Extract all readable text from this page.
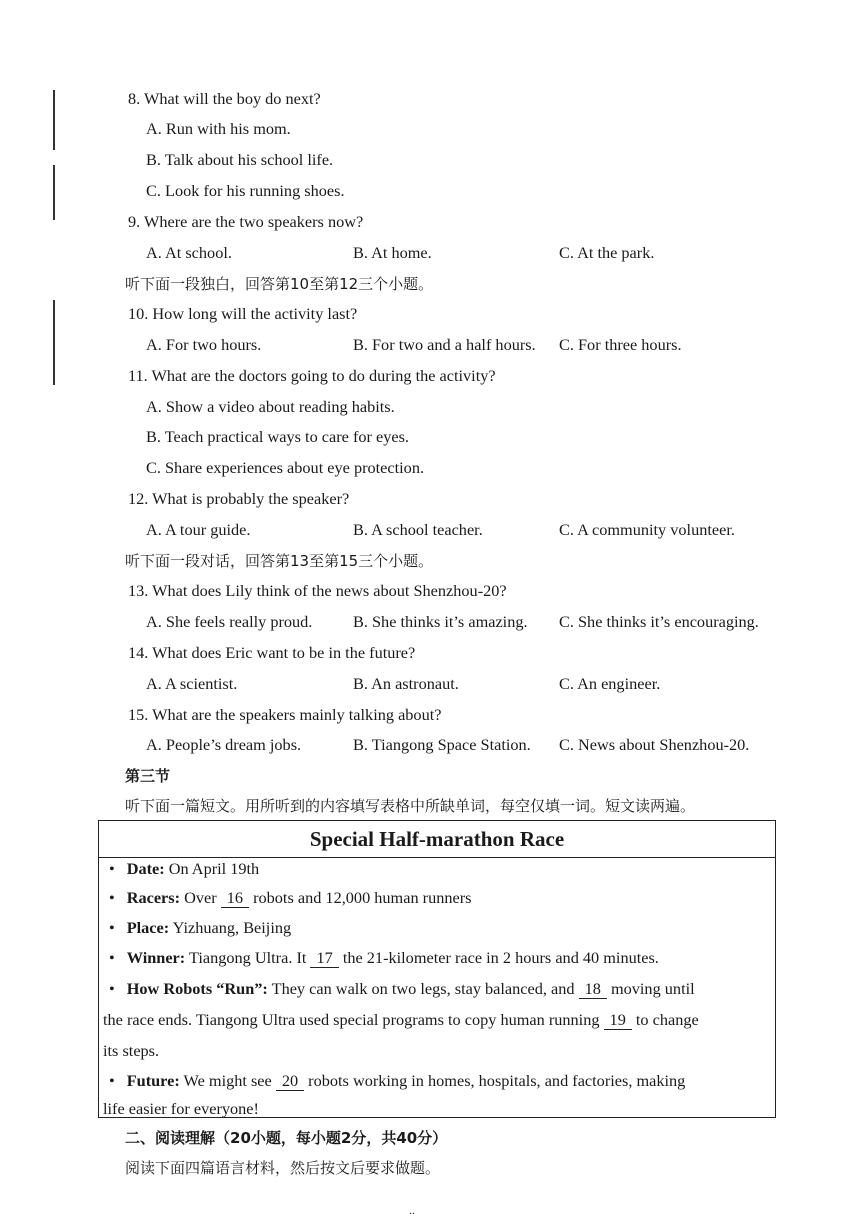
8. What will the boy do next?
A. Run with his mom.
B. Talk about his school life.
C. Look for his running shoes.
9. Where are the two speakers now?
A. At school.	B. At home.	C. At the park.
听下面一段独白，回答第10至第12三个小题。
10. How long will the activity last?
A. For two hours.	B. For two and a half hours. C. For three hours.
11. What are the doctors going to do during the activity?
A. Show a video about reading habits.
B. Teach practical ways to care for eyes.
C. Share experiences about eye protection.
12. What is probably the speaker?
A. A tour guide.	B. A school teacher.	C. A community volunteer.
听下面一段对话，回答第13至第15三个小题。
13. What does Lily think of the news about Shenzhou-20?
A. She feels really proud. B. She thinks it’s amazing. C. She thinks it’s encouraging.
14. What does Eric want to be in the future?
A. A scientist.	B. An astronaut.	C. An engineer.
15. What are the speakers mainly talking about?
A. People’s dream jobs.	B. Tiangong Space Station. C. News about Shenzhou-20.
第三节
听下面一篇短文。用所听到的内容填写表格中所缺单词，每空仅填一词。短文读两遍。
Special Half-marathon Race
• Date: On April 19th
• Racers: Over 16 robots and 12,000 human runners
• Place: Yizhuang, Beijing
• Winner: Tiangong Ultra. It 17 the 21-kilometer race in 2 hours and 40 minutes.
• How Robots “Run”: They can walk on two legs, stay balanced, and 18 moving until
the race ends. Tiangong Ultra used special programs to copy human running 19 to change
its steps.
• Future: We might see 20 robots working in homes, hospitals, and factories, making
life easier for everyone!
二、阅读理解（20小题，每小题2分，共40分）
阅读下面四篇语言材料，然后按文后要求做题。
..
